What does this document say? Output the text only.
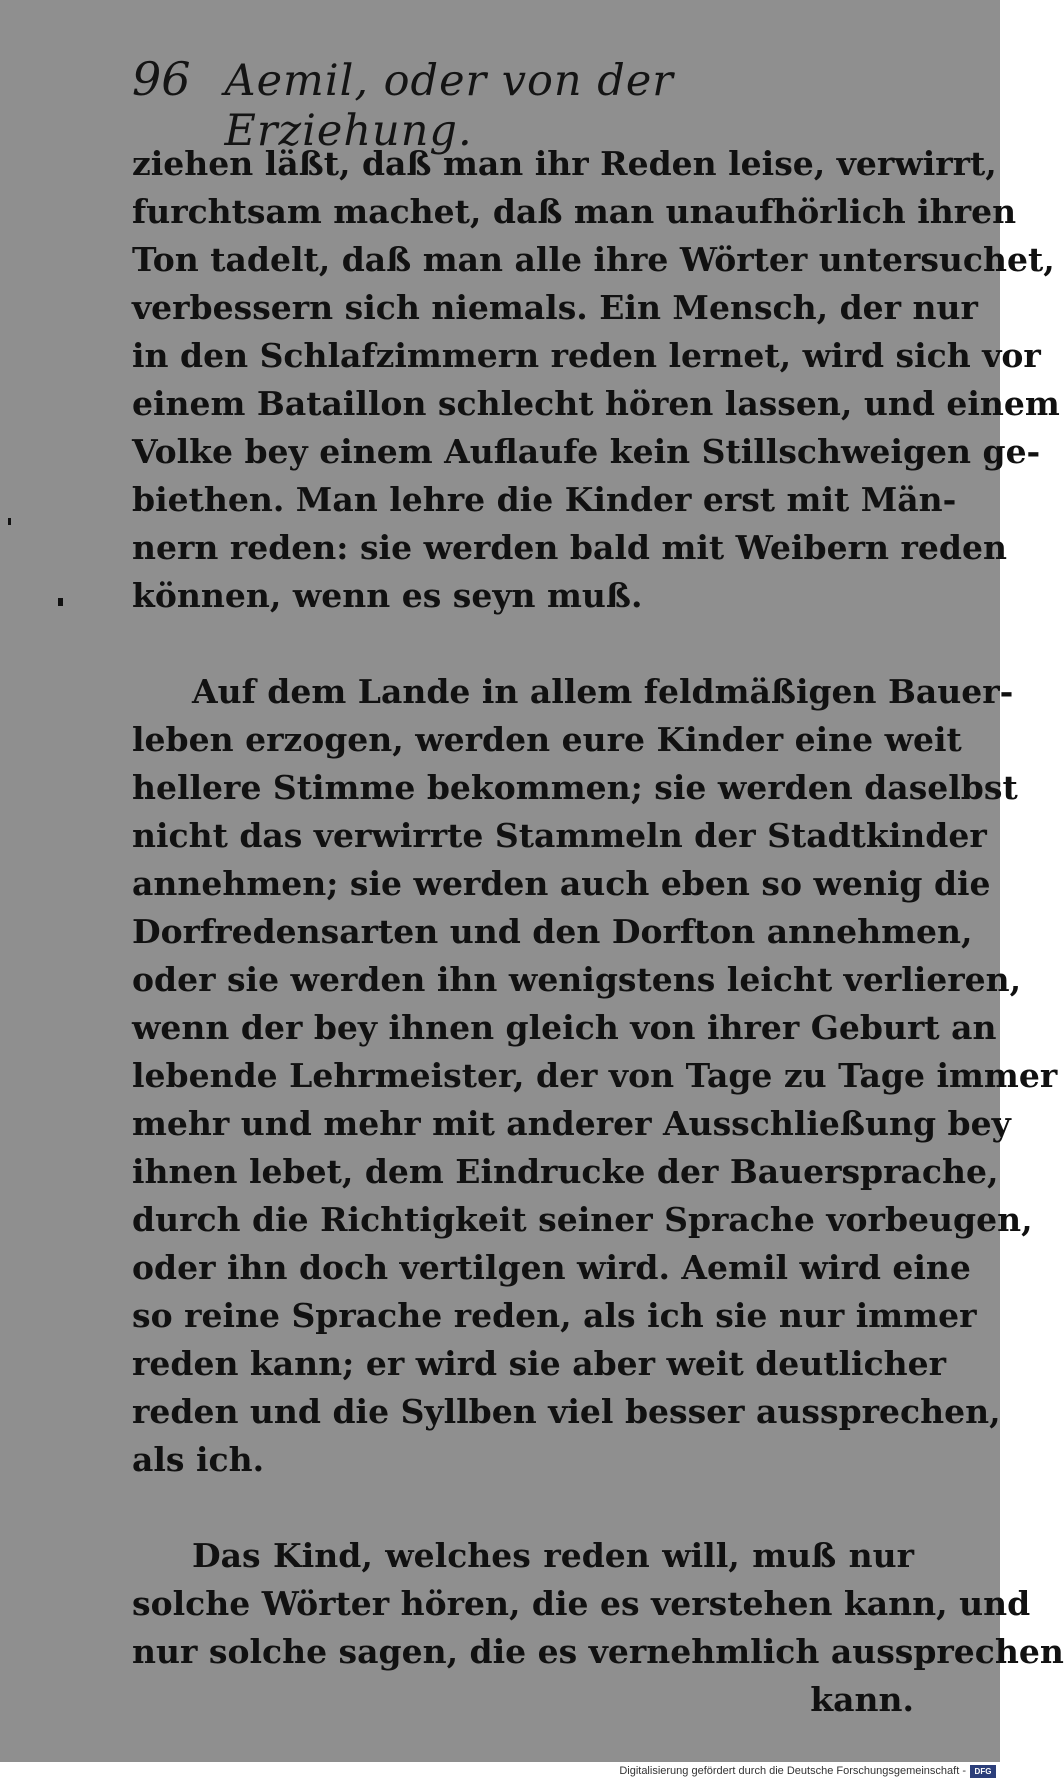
96 Aemil, oder von der Erziehung.
ziehen läßt, daß man ihr Reden leise, verwirrt,
furchtsam machet, daß man unaufhörlich ihren
Ton tadelt, daß man alle ihre Wörter untersuchet,
verbessern sich niemals. Ein Mensch, der nur
in den Schlafzimmern reden lernet, wird sich vor
einem Bataillon schlecht hören lassen, und einem
Volke bey einem Auflaufe kein Stillschweigen ge-
biethen. Man lehre die Kinder erst mit Män-
nern reden: sie werden bald mit Weibern reden
können, wenn es seyn muß.
Auf dem Lande in allem feldmäßigen Bauer-
leben erzogen, werden eure Kinder eine weit
hellere Stimme bekommen; sie werden daselbst
nicht das verwirrte Stammeln der Stadtkinder
annehmen; sie werden auch eben so wenig die
Dorfredensarten und den Dorfton annehmen,
oder sie werden ihn wenigstens leicht verlieren,
wenn der bey ihnen gleich von ihrer Geburt an
lebende Lehrmeister, der von Tage zu Tage immer
mehr und mehr mit anderer Ausschließung bey
ihnen lebet, dem Eindrucke der Bauersprache,
durch die Richtigkeit seiner Sprache vorbeugen,
oder ihn doch vertilgen wird. Aemil wird eine
so reine Sprache reden, als ich sie nur immer
reden kann; er wird sie aber weit deutlicher
reden und die Syllben viel besser aussprechen,
als ich.
Das Kind, welches reden will, muß nur
solche Wörter hören, die es verstehen kann, und
nur solche sagen, die es vernehmlich aussprechen
kann.
Digitalisierung gefördert durch die Deutsche Forschungsgemeinschaft -	DFG
